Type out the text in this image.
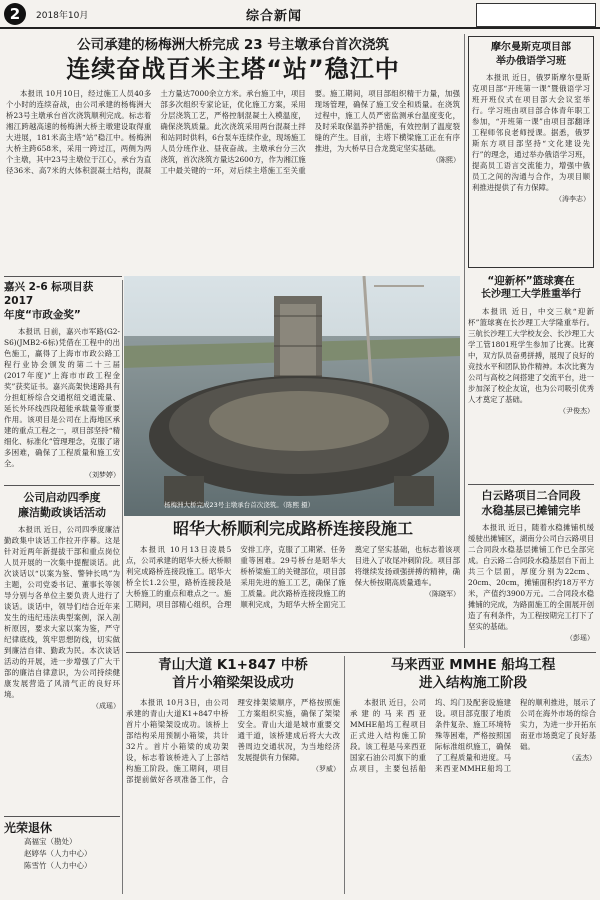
2	2018年10月	综合新闻
公司承建的杨梅洲大桥完成 23 号主墩承台首次浇筑
连续奋战百米主塔“站”稳江中

本报讯 10月10日，经过施工人员40多个小时的连续奋战，由公司承建的杨梅洲大桥23号主墩承台首次浇筑顺利完成。标志着湘江跨越高速的杨梅洲大桥主墩建设取得重大进展，181米高主塔“站”稳江中。杨梅洲大桥主跨658米，采用一跨过江，两侧为两个主墩，其中23号主墩位于江心，承台为直径36米、高7米的大体积混凝土结构，混凝土方量达7000余立方米。承台施工中，项目部多次组织专家论证，优化施工方案，采用分层浇筑工艺，严格控制混凝土入模温度，确保浇筑质量。此次浇筑采用两台混凝土拌和站同时供料，6台泵车连续作业，现场施工人员分班作业、昼夜奋战。主墩承台分三次浇筑，首次浇筑方量达2600方，作为湘江施工中最关键的一环，对后续主塔施工至关重要。施工期间，项目部组织精干力量，加强现场管理，确保了施工安全和质量。在浇筑过程中，施工人员严密监测承台温度变化，及时采取保温养护措施，有效控制了温度裂缝的产生。目前，主塔下横梁施工正在有序推进，为大桥早日合龙奠定坚实基础。

（陈熙）
杨梅洲大桥完成23号主墩承台首次浇筑。（陈熙 摄）
嘉兴 2-6 标项目获 2017
年度“市政金奖”

本报讯 日前，嘉兴市军路(G2-S6)(JMB2-6标)凭借在工程中的出色施工，赢得了上海市市政公路工程行业协会颁发的第二十三届(2017年度)“上海市市政工程金奖”获奖证书。嘉兴高架快速路具有分担虹桥综合交通枢纽交通流量、延长外环线西段超能承载量等重要作用。该项目是公司在上海地区承建的重点工程之一，项目部坚持“精细化、标准化”管理理念，克服了诸多困难，确保了工程质量和施工安全。

（刘梦婷）
公司启动四季度
廉洁勤政谈话活动

本报讯 近日，公司四季度廉洁勤政集中谈话工作拉开序幕。这是针对近两年新提拔干部和重点岗位人员开展的一次集中提醒谈话。此次谈话以“以案为鉴、警钟长鸣”为主题，公司党委书记、董事长等领导分别与各单位主要负责人进行了谈话。谈话中，领导们结合近年来发生的违纪违法典型案例，深入剖析原因，要求大家以案为鉴，严守纪律底线，筑牢思想防线，切实做到廉洁自律、勤政为民。本次谈话活动的开展，进一步增强了广大干部的廉洁自律意识，为公司持续健康发展营造了风清气正的良好环境。

（成瑶）
光荣退休
高福宝（勘处）
赵婷华（人力中心）
陈雪竹（人力中心）
昭华大桥顺利完成路桥连接段施工

本报讯 10月13日凌晨5点，公司承建的昭华大桥大桥顺利完成路桥连接段施工。昭华大桥全长1.2公里，路桥连接段是大桥施工的重点和难点之一。施工期间，项目部精心组织，合理安排工序，克服了工期紧、任务重等困难。29号桥台是昭华大桥桥梁施工的关键部位，项目部采用先进的施工工艺，确保了施工质量。此次路桥连接段施工的顺利完成，为昭华大桥全面完工奠定了坚实基础，也标志着该项目进入了收尾冲刺阶段。项目部将继续发扬顽强拼搏的精神，确保大桥按期高质量通车。

（陈晓军）
青山大道 K1+847 中桥
首片小箱梁架设成功

本报讯 10月3日，由公司承建的青山大道K1+847中桥首片小箱梁架设成功。该桥上部结构采用预制小箱梁，共计32片。首片小箱梁的成功架设，标志着该桥进入了上部结构施工阶段。施工期间，项目部提前做好各项准备工作，合理安排架梁顺序，严格按照施工方案组织实施，确保了架梁安全。青山大道是城市重要交通干道，该桥建成后将大大改善周边交通状况，为当地经济发展提供有力保障。

（罗威）
马来西亚 MMHE 船坞工程
进入结构施工阶段

本报讯 近日，公司承建的马来西亚MMHE船坞工程项目正式进入结构施工阶段。该工程是马来西亚国家石油公司旗下的重点项目，主要包括船坞、坞门及配套设施建设。项目部克服了地质条件复杂、施工环境特殊等困难，严格按照国际标准组织施工，确保了工程质量和进度。马来西亚MMHE船坞工程的顺利推进，展示了公司在海外市场的综合实力，为进一步开拓东南亚市场奠定了良好基础。

（孟杰）
摩尔曼斯克项目部
举办俄语学习班

本报讯 近日，俄罗斯摩尔曼斯克项目部“开班第一课”暨俄语学习班开班仪式在项目部大会议室举行。学习班由项目部合体青年职工参加，“开班第一课”由项目部翻译工程师邻良老师授课。据悉，俄罗斯东方项目部坚持“文化建设先行”的理念，通过举办俄语学习班，提高员工语言交流能力，增强中俄员工之间的沟通与合作，为项目顺利推进提供了有力保障。

（涛李志）
“迎新杯”篮球赛在
长沙理工大学胜重举行

本报讯 近日，中交三航“迎新杯”篮球赛在长沙理工大学隆重举行。三航长沙理工大学校友会、长沙理工大学工管1801班学生参加了比赛。比赛中，双方队员奋勇拼搏，展现了良好的竞技水平和团队协作精神。本次比赛为公司与高校之间搭建了交流平台，进一步加深了校企友谊，也为公司吸引优秀人才奠定了基础。

（尹俊杰）
白云路项目二合同段
水稳基层已摊铺完毕

本报讯 近日，随着水稳摊铺机缓缓驶出摊铺区，湖南分公司白云路项目二合同段水稳基层摊铺工作已全部完成。白云路二合同段水稳基层自下而上共三个层面，厚度分别为22cm、20cm、20cm，摊铺面积约18万平方米，产值约3900万元。二合同段水稳摊铺的完成，为路面施工的全面展开创造了有利条件，为工程按期完工打下了坚实的基础。

（彭瑶）
